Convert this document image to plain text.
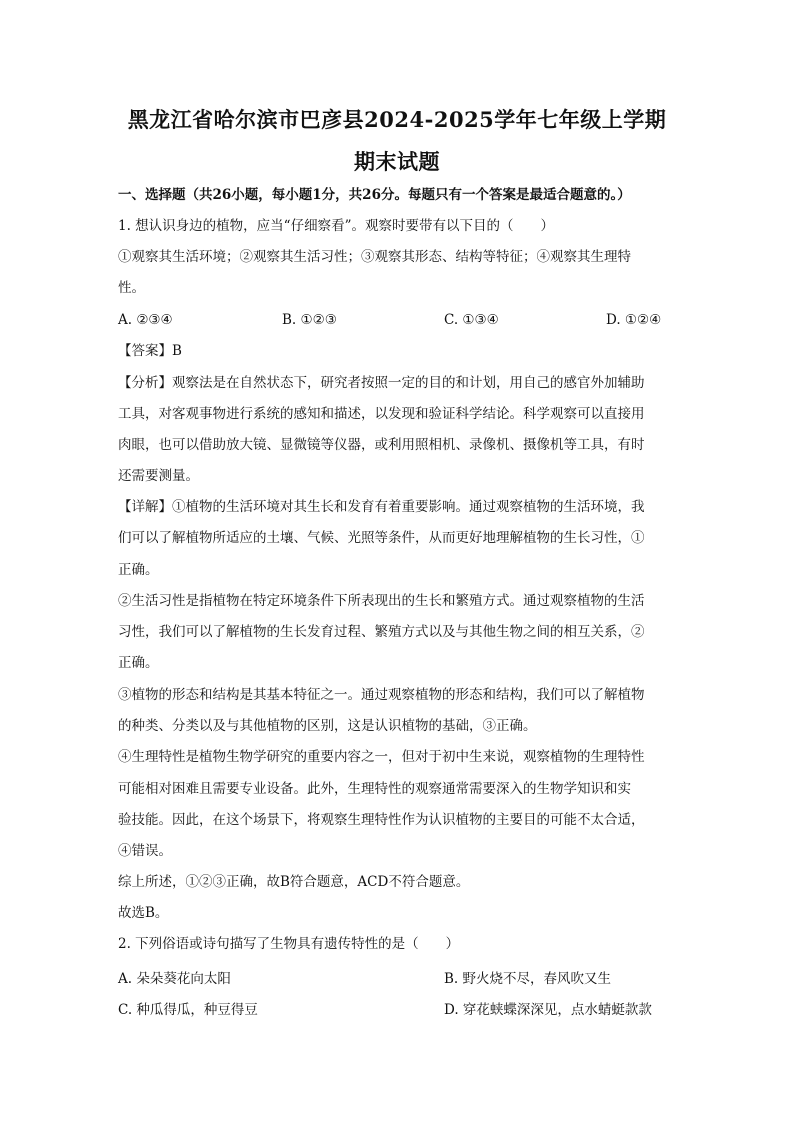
黑龙江省哈尔滨市巴彦县2024-2025学年七年级上学期
期末试题
一、选择题（共26小题，每小题1分，共26分。每题只有一个答案是最适合题意的。）
1. 想认识身边的植物，应当“仔细察看”。观察时要带有以下目的（　　）
①观察其生活环境；②观察其生活习性；③观察其形态、结构等特征；④观察其生理特
性。
A. ②③④	B. ①②③	C. ①③④	D. ①②④
【答案】B
【分析】观察法是在自然状态下，研究者按照一定的目的和计划，用自己的感官外加辅助
工具，对客观事物进行系统的感知和描述，以发现和验证科学结论。科学观察可以直接用
肉眼，也可以借助放大镜、显微镜等仪器，或利用照相机、录像机、摄像机等工具，有时
还需要测量。
【详解】①植物的生活环境对其生长和发育有着重要影响。通过观察植物的生活环境，我
们可以了解植物所适应的土壤、气候、光照等条件，从而更好地理解植物的生长习性，①
正确。
②生活习性是指植物在特定环境条件下所表现出的生长和繁殖方式。通过观察植物的生活
习性，我们可以了解植物的生长发育过程、繁殖方式以及与其他生物之间的相互关系，②
正确。
③植物的形态和结构是其基本特征之一。通过观察植物的形态和结构，我们可以了解植物
的种类、分类以及与其他植物的区别，这是认识植物的基础，③正确。
④生理特性是植物生物学研究的重要内容之一，但对于初中生来说，观察植物的生理特性
可能相对困难且需要专业设备。此外，生理特性的观察通常需要深入的生物学知识和实
验技能。因此，在这个场景下，将观察生理特性作为认识植物的主要目的可能不太合适，
④错误。
综上所述，①②③正确，故B符合题意，ACD不符合题意。
故选B。
2. 下列俗语或诗句描写了生物具有遗传特性的是（　　）
A. 朵朵葵花向太阳	B. 野火烧不尽，春风吹又生
C. 种瓜得瓜，种豆得豆	D. 穿花蛱蝶深深见，点水蜻蜓款款
